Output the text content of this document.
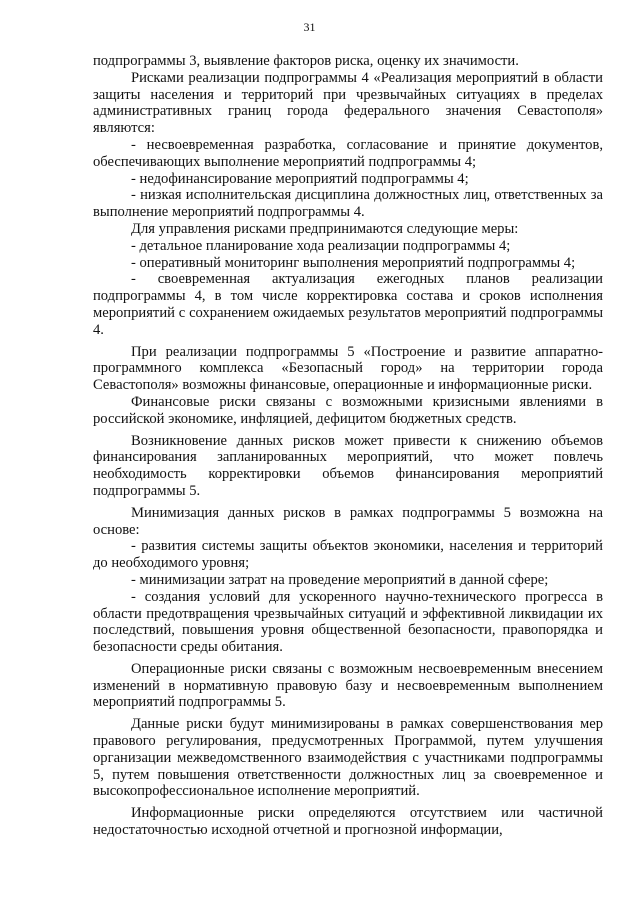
31

подпрограммы 3, выявление факторов риска, оценку их значимости.

Рисками реализации подпрограммы 4 «Реализация мероприятий в области защиты населения и территорий при чрезвычайных ситуациях в пределах административных границ города федерального значения Севастополя» являются:

- несвоевременная разработка, согласование и принятие документов, обеспечивающих выполнение мероприятий подпрограммы 4;

- недофинансирование мероприятий подпрограммы 4;

- низкая исполнительская дисциплина должностных лиц, ответственных за выполнение мероприятий подпрограммы 4.

Для управления рисками предпринимаются следующие меры:

- детальное планирование хода реализации подпрограммы 4;

- оперативный мониторинг выполнения мероприятий подпрограммы 4;

- своевременная актуализация ежегодных планов реализации подпрограммы 4, в том числе корректировка состава и сроков исполнения мероприятий с сохранением ожидаемых результатов мероприятий подпрограммы 4.

При реализации подпрограммы 5 «Построение и развитие аппаратно-программного комплекса «Безопасный город» на территории города Севастополя» возможны финансовые, операционные и информационные риски.

Финансовые риски связаны с возможными кризисными явлениями в российской экономике, инфляцией, дефицитом бюджетных средств.

Возникновение данных рисков может привести к снижению объемов финансирования запланированных мероприятий, что может повлечь необходимость корректировки объемов финансирования мероприятий подпрограммы 5.

Минимизация данных рисков в рамках подпрограммы 5 возможна на основе:

- развития системы защиты объектов экономики, населения и территорий до необходимого уровня;

- минимизации затрат на проведение мероприятий в данной сфере;

- создания условий для ускоренного научно-технического прогресса в области предотвращения чрезвычайных ситуаций и эффективной ликвидации их последствий, повышения уровня общественной безопасности, правопорядка и безопасности среды обитания.

Операционные риски связаны с возможным несвоевременным внесением изменений в нормативную правовую базу и несвоевременным выполнением мероприятий подпрограммы 5.

Данные риски будут минимизированы в рамках совершенствования мер правового регулирования, предусмотренных Программой, путем улучшения организации межведомственного взаимодействия с участниками подпрограммы 5, путем повышения ответственности должностных лиц за своевременное и высокопрофессиональное исполнение мероприятий.

Информационные риски определяются отсутствием или частичной недостаточностью исходной отчетной и прогнозной информации,
